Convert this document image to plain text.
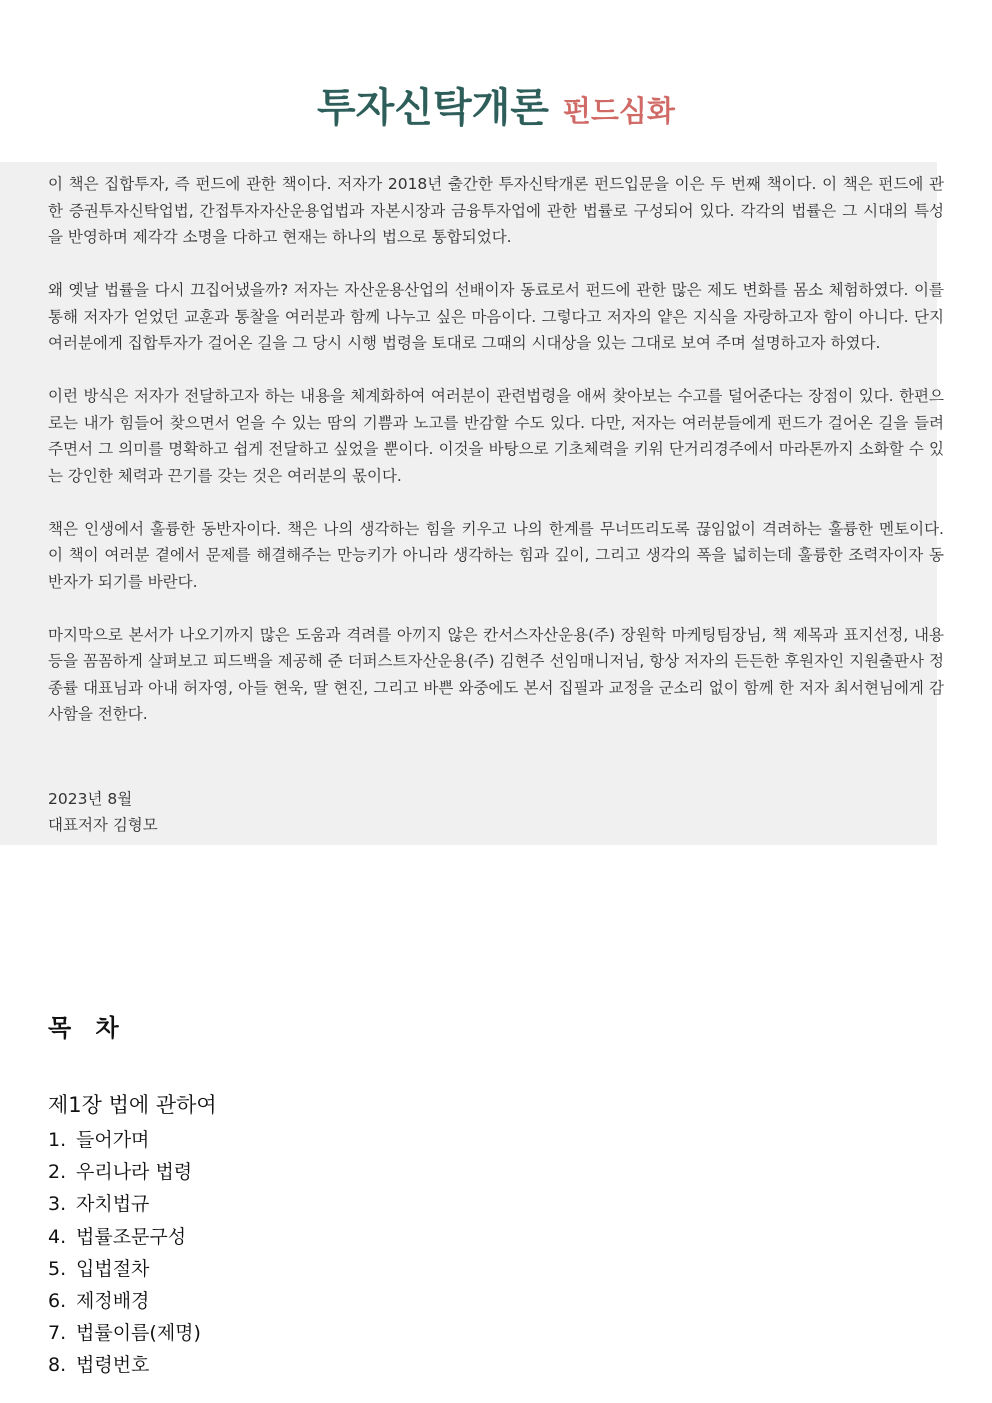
투자신탁개론 펀드심화

이 책은 집합투자, 즉 펀드에 관한 책이다. 저자가 2018년 출간한 투자신탁개론 펀드입문을 이은 두 번째 책이다. 이 책은 펀드에 관한 증권투자신탁업법, 간접투자자산운용업법과 자본시장과 금융투자업에 관한 법률로 구성되어 있다. 각각의 법률은 그 시대의 특성을 반영하며 제각각 소명을 다하고 현재는 하나의 법으로 통합되었다.

왜 옛날 법률을 다시 끄집어냈을까? 저자는 자산운용산업의 선배이자 동료로서 펀드에 관한 많은 제도 변화를 몸소 체험하였다. 이를 통해 저자가 얻었던 교훈과 통찰을 여러분과 함께 나누고 싶은 마음이다. 그렇다고 저자의 얕은 지식을 자랑하고자 함이 아니다. 단지 여러분에게 집합투자가 걸어온 길을 그 당시 시행 법령을 토대로 그때의 시대상을 있는 그대로 보여 주며 설명하고자 하였다.

이런 방식은 저자가 전달하고자 하는 내용을 체계화하여 여러분이 관련법령을 애써 찾아보는 수고를 덜어준다는 장점이 있다. 한편으로는 내가 힘들어 찾으면서 얻을 수 있는 땀의 기쁨과 노고를 반감할 수도 있다. 다만, 저자는 여러분들에게 펀드가 걸어온 길을 들려주면서 그 의미를 명확하고 쉽게 전달하고 싶었을 뿐이다. 이것을 바탕으로 기초체력을 키워 단거리경주에서 마라톤까지 소화할 수 있는 강인한 체력과 끈기를 갖는 것은 여러분의 몫이다.

책은 인생에서 훌륭한 동반자이다. 책은 나의 생각하는 힘을 키우고 나의 한계를 무너뜨리도록 끊임없이 격려하는 훌륭한 멘토이다. 이 책이 여러분 곁에서 문제를 해결해주는 만능키가 아니라 생각하는 힘과 깊이, 그리고 생각의 폭을 넓히는데 훌륭한 조력자이자 동반자가 되기를 바란다.

마지막으로 본서가 나오기까지 많은 도움과 격려를 아끼지 않은 칸서스자산운용(주) 장원학 마케팅팀장님, 책 제목과 표지선정, 내용 등을 꼼꼼하게 살펴보고 피드백을 제공해 준 더퍼스트자산운용(주) 김현주 선임매니저님, 항상 저자의 든든한 후원자인 지원출판사 정종률 대표님과 아내 허자영, 아들 현욱, 딸 현진, 그리고 바쁜 와중에도 본서 집필과 교정을 군소리 없이 함께 한 저자 최서현님에게 감사함을 전한다.

2023년 8월
대표저자 김형모
목 차
제1장 법에 관하여
1. 들어가며
2. 우리나라 법령
3. 자치법규
4. 법률조문구성
5. 입법절차
6. 제정배경
7. 법률이름(제명)
8. 법령번호
